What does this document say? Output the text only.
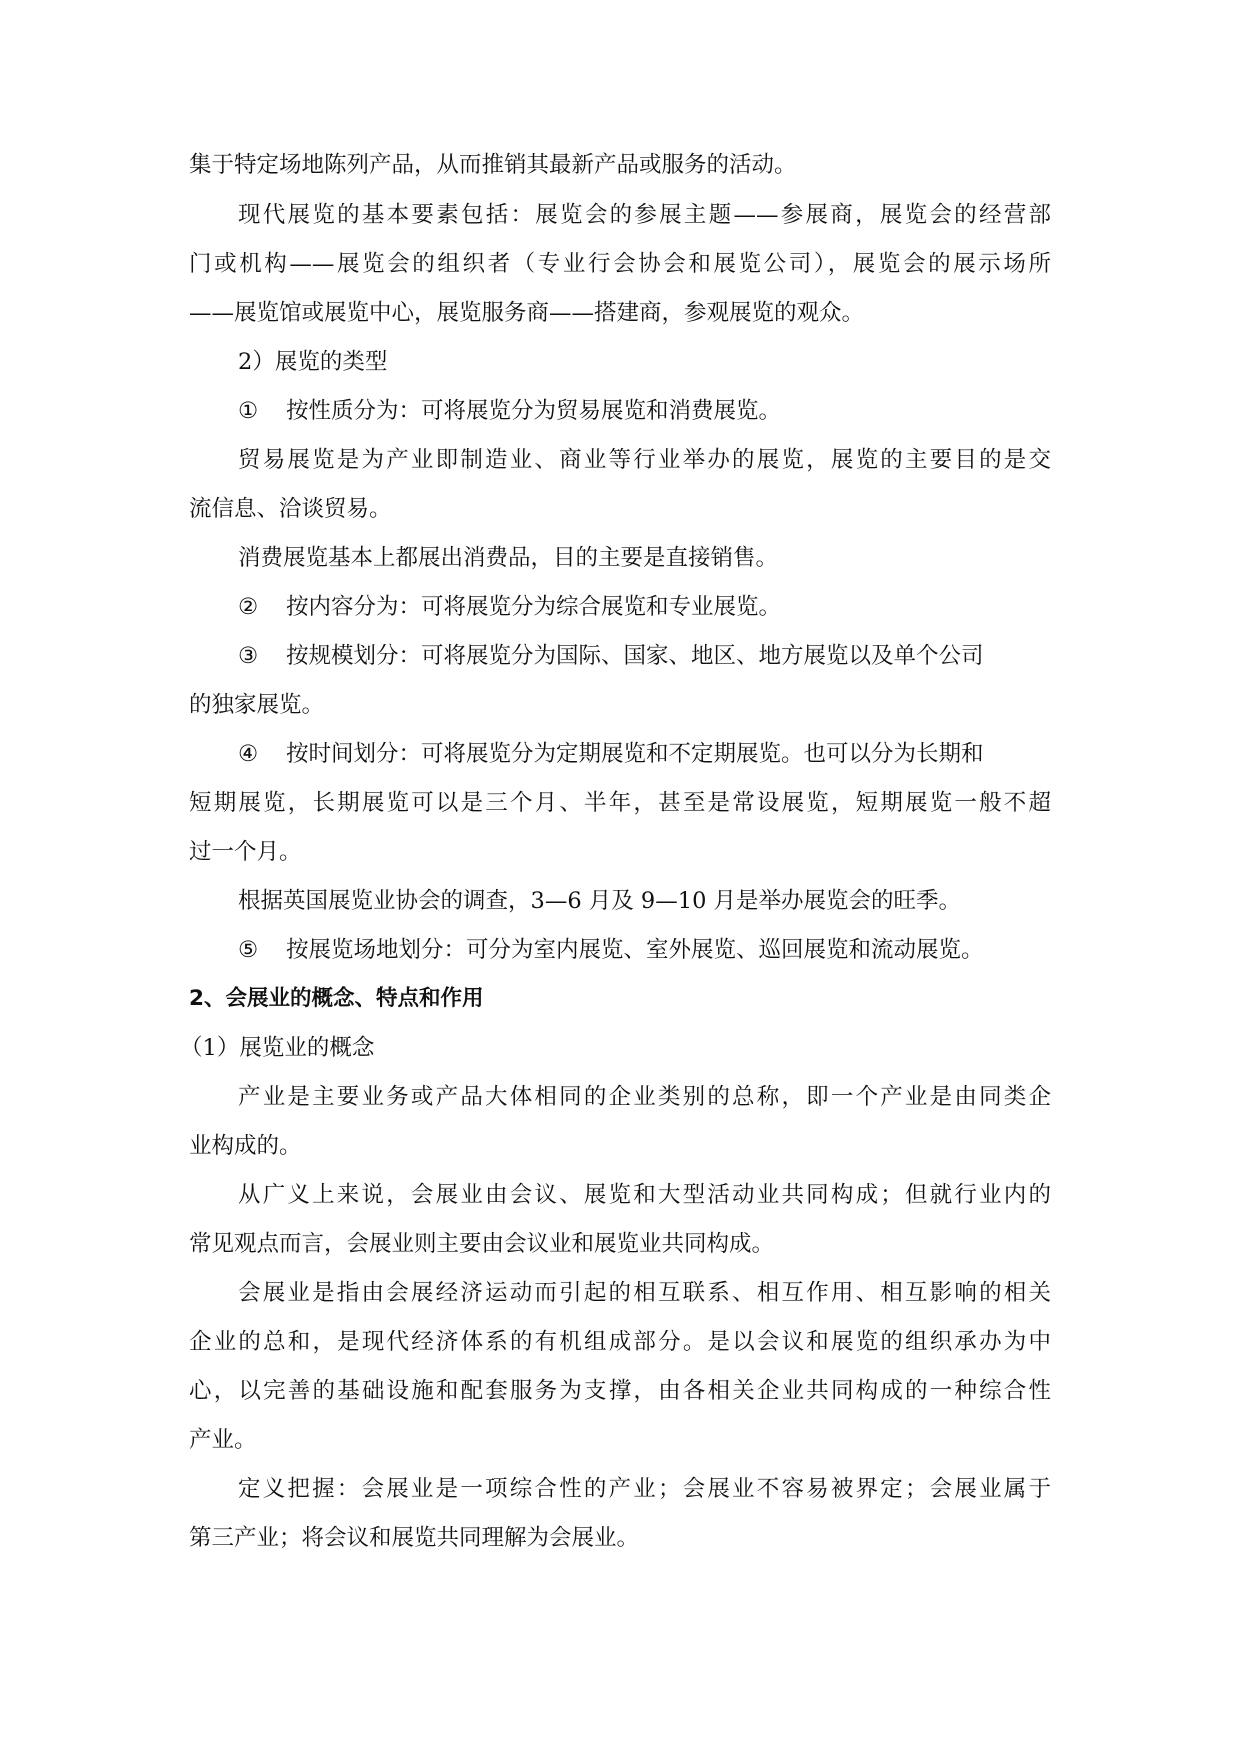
集于特定场地陈列产品，从而推销其最新产品或服务的活动。

现代展览的基本要素包括：展览会的参展主题——参展商，展览会的经营部

门或机构——展览会的组织者（专业行会协会和展览公司），展览会的展示场所

——展览馆或展览中心，展览服务商——搭建商，参观展览的观众。

2）展览的类型

① 按性质分为：可将展览分为贸易展览和消费展览。

贸易展览是为产业即制造业、商业等行业举办的展览，展览的主要目的是交

流信息、洽谈贸易。

消费展览基本上都展出消费品，目的主要是直接销售。

② 按内容分为：可将展览分为综合展览和专业展览。
③ 按规模划分：可将展览分为国际、国家、地区、地方展览以及单个公司

的独家展览。

④ 按时间划分：可将展览分为定期展览和不定期展览。也可以分为长期和

短期展览，长期展览可以是三个月、半年，甚至是常设展览，短期展览一般不超

过一个月。

根据英国展览业协会的调查，3—6 月及 9—10 月是举办展览会的旺季。

⑤ 按展览场地划分：可分为室内展览、室外展览、巡回展览和流动展览。

2、会展业的概念、特点和作用

（1）展览业的概念

产业是主要业务或产品大体相同的企业类别的总称，即一个产业是由同类企

业构成的。

从广义上来说，会展业由会议、展览和大型活动业共同构成；但就行业内的

常见观点而言，会展业则主要由会议业和展览业共同构成。

会展业是指由会展经济运动而引起的相互联系、相互作用、相互影响的相关

企业的总和，是现代经济体系的有机组成部分。是以会议和展览的组织承办为中

心，以完善的基础设施和配套服务为支撑，由各相关企业共同构成的一种综合性

产业。

定义把握：会展业是一项综合性的产业；会展业不容易被界定；会展业属于

第三产业；将会议和展览共同理解为会展业。
